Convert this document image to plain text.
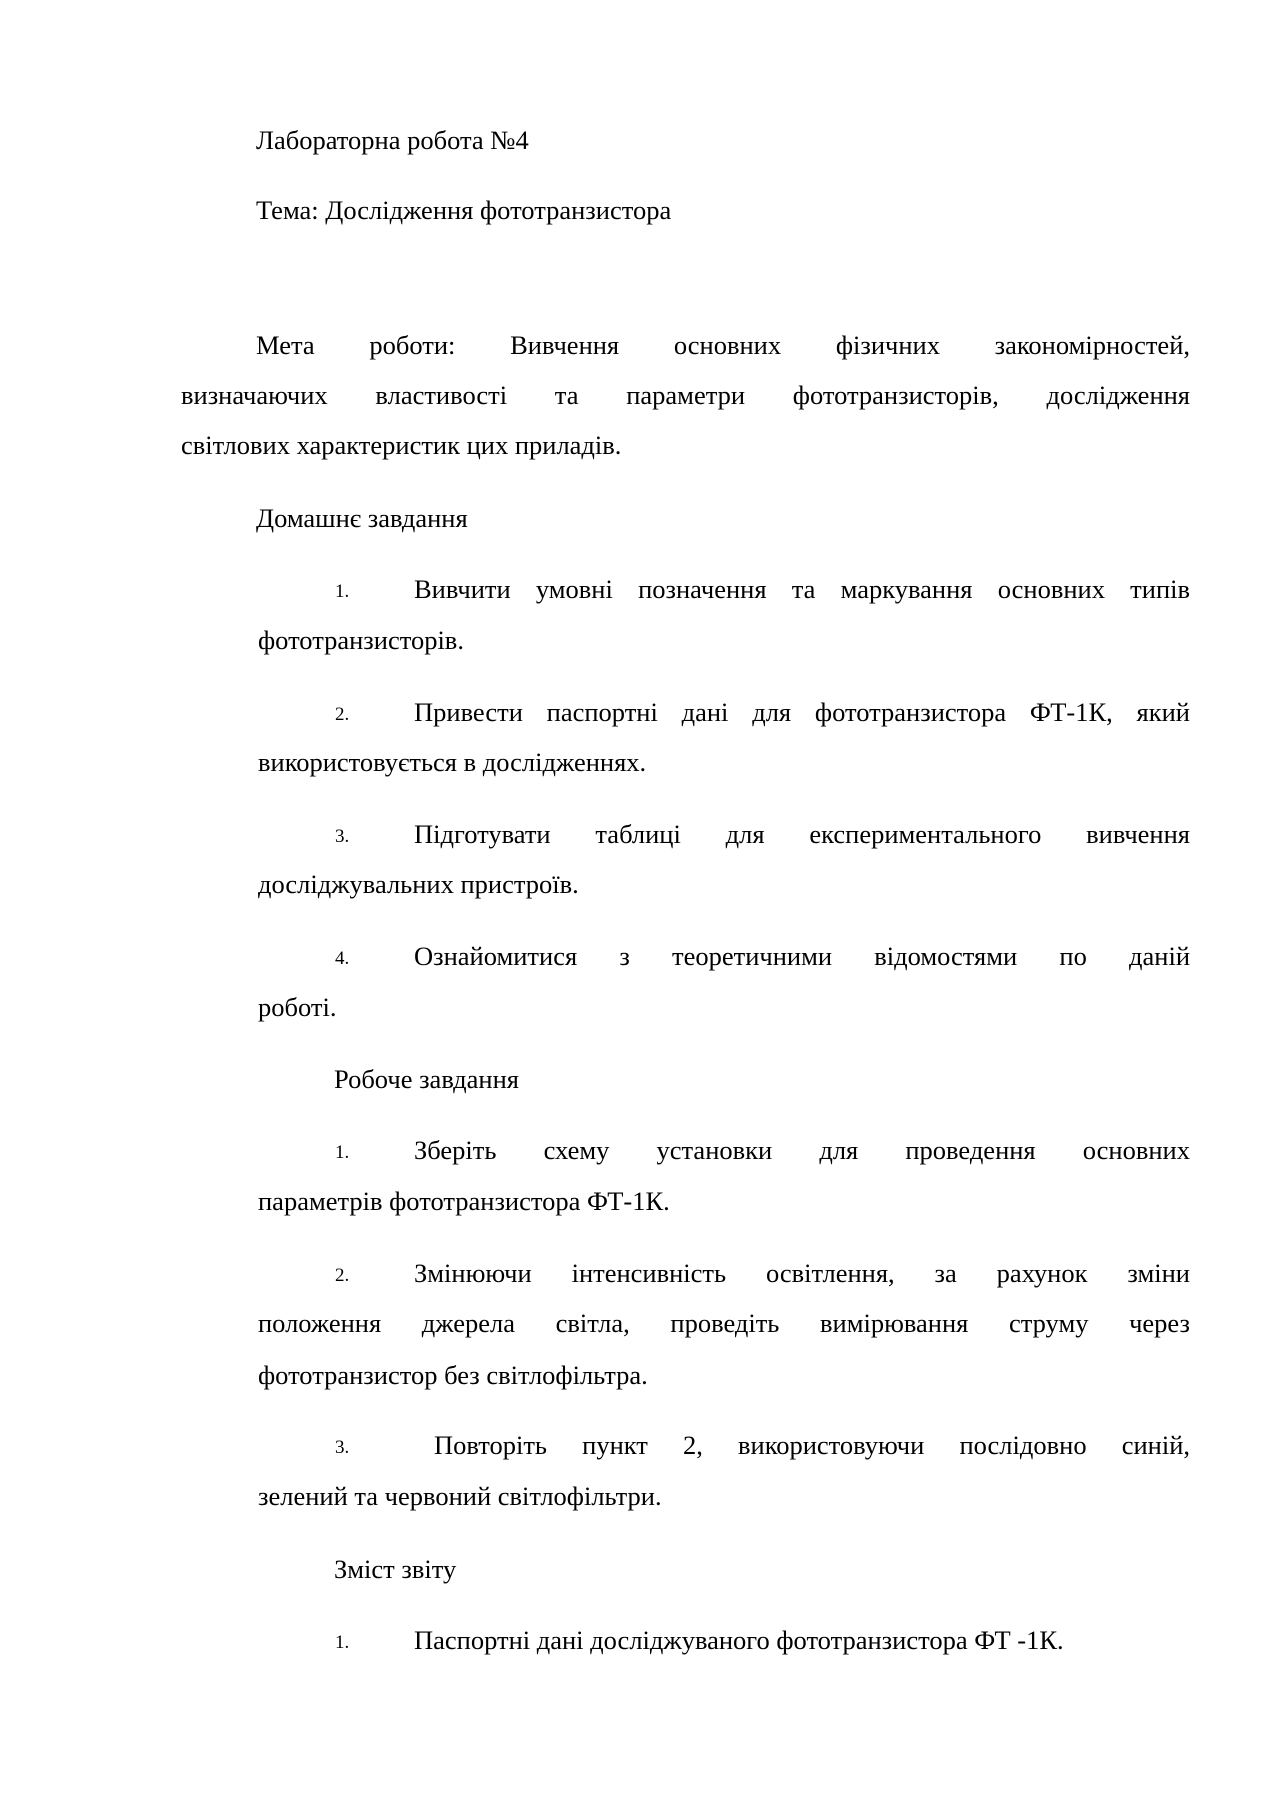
Лабораторна робота №4
Тема: Дослідження фототранзистора
Мета роботи: Вивчення основних фізичних закономірностей,
визначаючих властивості та параметри фототранзисторів, дослідження
світлових характеристик цих приладів.
Домашнє завдання
1. Вивчити умовні позначення та маркування основних типів
фототранзисторів.
2. Привести паспортні дані для фототранзистора ФТ-1К, який
використовується в дослідженнях.
3. Підготувати таблиці для експериментального вивчення
досліджувальних пристроїв.
4. Ознайомитися з теоретичними відомостями по даній
роботі.
Робоче завдання
1. Зберіть схему установки для проведення основних
параметрів фототранзистора ФТ-1К.
2. Змінюючи інтенсивність освітлення, за рахунок зміни
положення джерела світла, проведіть вимірювання струму через
фототранзистор без світлофільтра.
3.	Повторіть пункт 2, використовуючи послідовно синій,
зелений та червоний світлофільтри.
Зміст звіту
1. Паспортні дані досліджуваного фототранзистора ФТ -1К.
